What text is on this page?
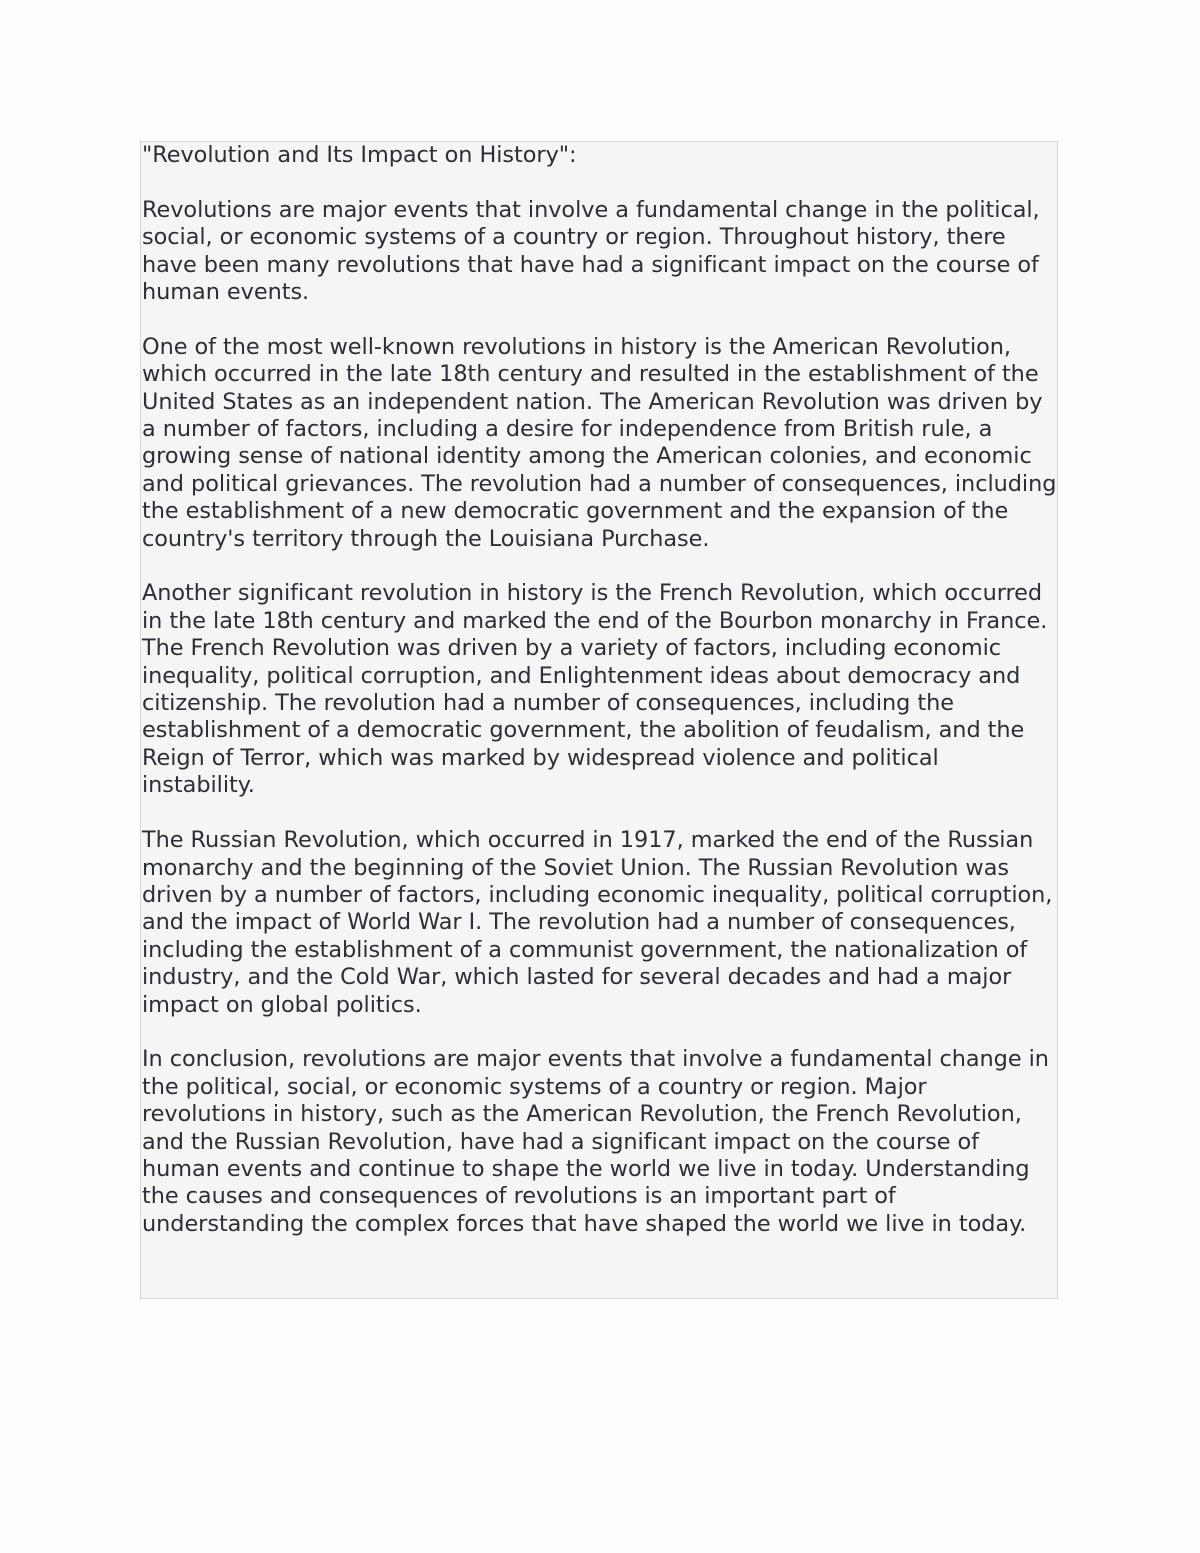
"Revolution and Its Impact on History":

Revolutions are major events that involve a fundamental change in the political, social, or economic systems of a country or region. Throughout history, there have been many revolutions that have had a significant impact on the course of human events.

One of the most well-known revolutions in history is the American Revolution, which occurred in the late 18th century and resulted in the establishment of the United States as an independent nation. The American Revolution was driven by a number of factors, including a desire for independence from British rule, a growing sense of national identity among the American colonies, and economic and political grievances. The revolution had a number of consequences, including the establishment of a new democratic government and the expansion of the country's territory through the Louisiana Purchase.

Another significant revolution in history is the French Revolution, which occurred in the late 18th century and marked the end of the Bourbon monarchy in France. The French Revolution was driven by a variety of factors, including economic inequality, political corruption, and Enlightenment ideas about democracy and citizenship. The revolution had a number of consequences, including the establishment of a democratic government, the abolition of feudalism, and the Reign of Terror, which was marked by widespread violence and political instability.

The Russian Revolution, which occurred in 1917, marked the end of the Russian monarchy and the beginning of the Soviet Union. The Russian Revolution was driven by a number of factors, including economic inequality, political corruption, and the impact of World War I. The revolution had a number of consequences, including the establishment of a communist government, the nationalization of industry, and the Cold War, which lasted for several decades and had a major impact on global politics.

In conclusion, revolutions are major events that involve a fundamental change in the political, social, or economic systems of a country or region. Major revolutions in history, such as the American Revolution, the French Revolution, and the Russian Revolution, have had a significant impact on the course of human events and continue to shape the world we live in today. Understanding the causes and consequences of revolutions is an important part of understanding the complex forces that have shaped the world we live in today.
